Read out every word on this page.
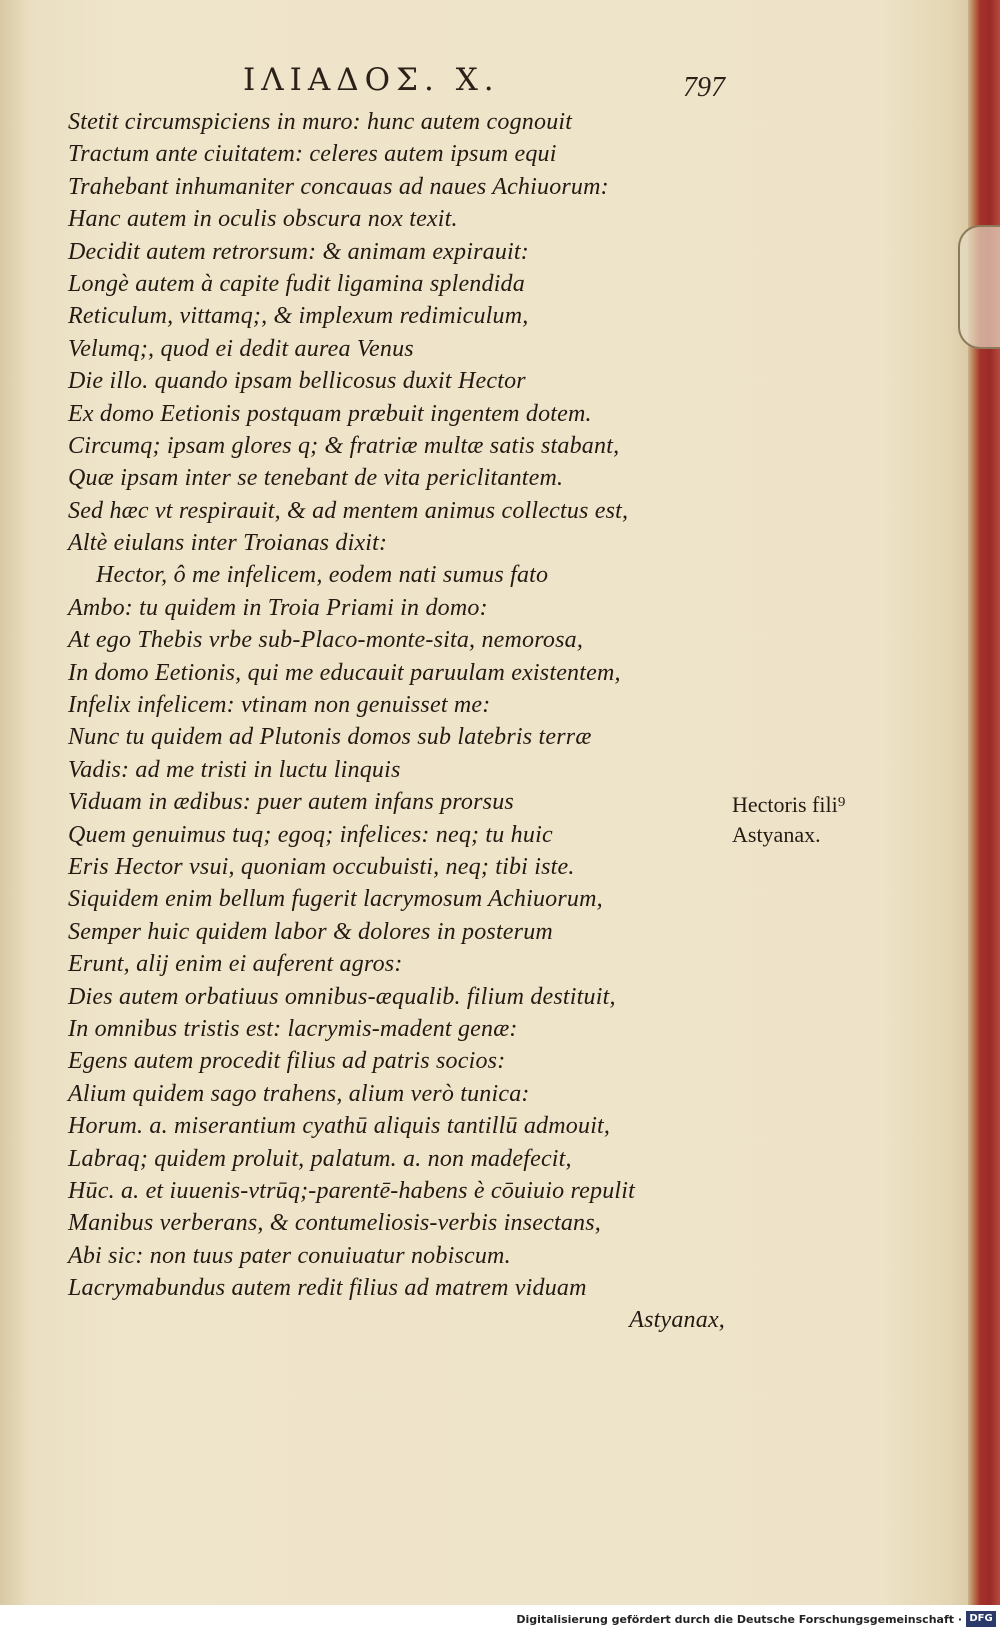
ΙΛΙΑΔΟΣ. Χ.	797
Stetit circumspiciens in muro: hunc autem cognouit
Tractum ante ciuitatem: celeres autem ipsum equi
Trahebant inhumaniter concauas ad naues Achiuorum:
Hanc autem in oculis obscura nox texit.
Decidit autem retrorsum: & animam expirauit:
Longè autem à capite fudit ligamina splendida
Reticulum, vittamq;, & implexum redimiculum,
Velumq;, quod ei dedit aurea Venus
Die illo. quando ipsam bellicosus duxit Hector
Ex domo Eetionis postquam præbuit ingentem dotem.
Circumq; ipsam glores q; & fratriæ multæ satis stabant,
Quæ ipsam inter se tenebant de vita periclitantem.
Sed hæc vt respirauit, & ad mentem animus collectus est,
Altè eiulans inter Troianas dixit:
Hector, ô me infelicem, eodem nati sumus fato
Ambo: tu quidem in Troia Priami in domo:
At ego Thebis vrbe sub-Placo-monte-sita, nemorosa,
In domo Eetionis, qui me educauit paruulam existentem,
Infelix infelicem: vtinam non genuisset me:
Nunc tu quidem ad Plutonis domos sub latebris terræ
Vadis: ad me tristi in luctu linquis
Viduam in ædibus: puer autem infans prorsus
Quem genuimus tuq; egoq; infelices: neq; tu huic
Eris Hector vsui, quoniam occubuisti, neq; tibi iste.
Siquidem enim bellum fugerit lacrymosum Achiuorum,
Semper huic quidem labor & dolores in posterum
Erunt, alij enim ei auferent agros:
Dies autem orbatiuus omnibus-æqualib. filium destituit,
In omnibus tristis est: lacrymis-madent genæ:
Egens autem procedit filius ad patris socios:
Alium quidem sago trahens, alium verò tunica:
Horum. a. miserantium cyathū aliquis tantillū admouit,
Labraq; quidem proluit, palatum. a. non madefecit,
Hūc. a. et iuuenis-vtrūq;-parentē-habens è cōuiuio repulit
Manibus verberans, & contumeliosis-verbis insectans,
Abi sic: non tuus pater conuiuatur nobiscum.
Lacrymabundus autem redit filius ad matrem viduam
Astyanax,
Hectoris fili⁹
Astyanax.
Digitalisierung gefördert durch die Deutsche Forschungsgemeinschaft · DFG
